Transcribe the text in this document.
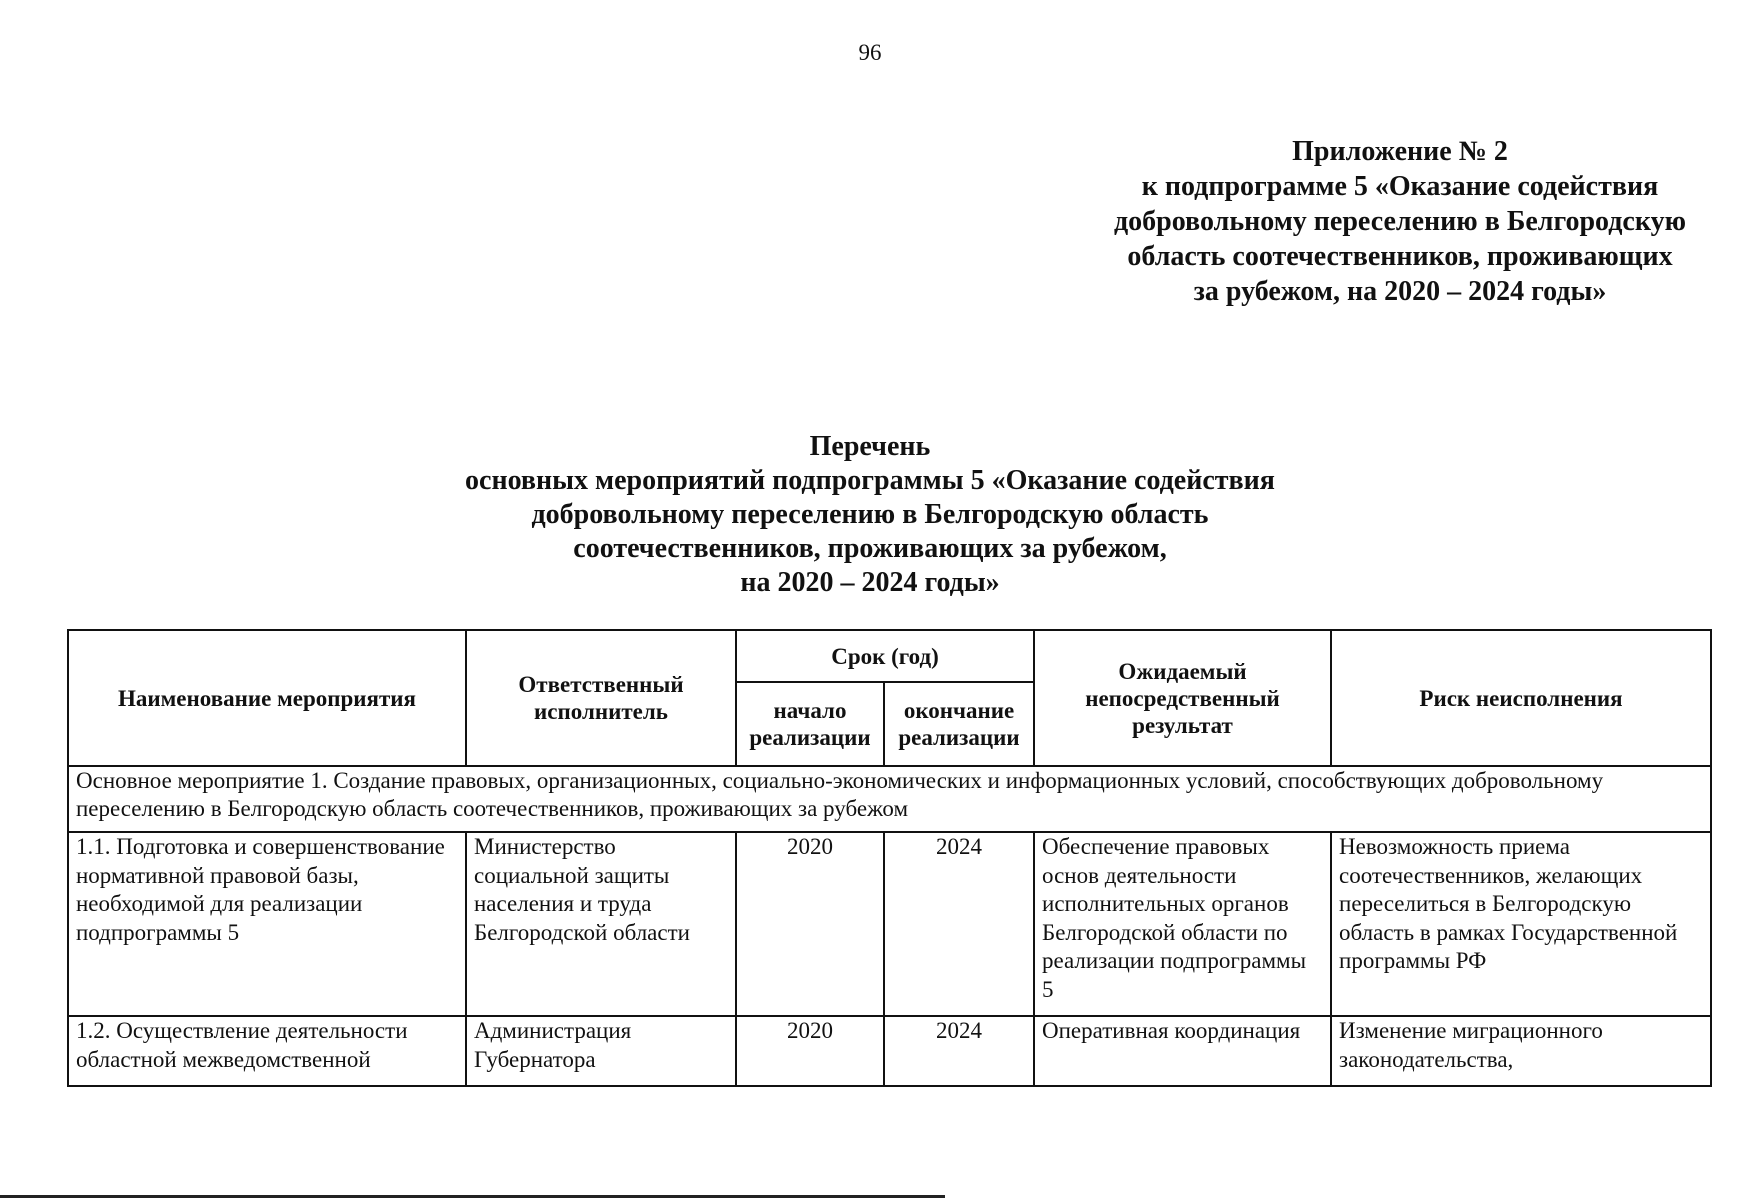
96
Приложение № 2
к подпрограмме 5 «Оказание содействия
добровольному переселению в Белгородскую
область соотечественников, проживающих
за рубежом, на 2020 – 2024 годы»
Перечень
основных мероприятий подпрограммы 5 «Оказание содействия
добровольному переселению в Белгородскую область
соотечественников, проживающих за рубежом,
на 2020 – 2024 годы»
Наименование мероприятия	Ответственный исполнитель	Срок (год)		Ожидаемый непосредственный результат	Риск неисполнения
		начало реализации	окончание реализации		
Основное мероприятие 1. Создание правовых, организационных, социально-экономических и информационных условий, способствующих добровольному переселению в Белгородскую область соотечественников, проживающих за рубежом					
1.1. Подготовка и совершенствование нормативной правовой базы, необходимой для реализации подпрограммы 5	Министерство социальной защиты населения и труда Белгородской области	2020	2024	Обеспечение правовых основ деятельности исполнительных органов Белгородской области по реализации подпрограммы 5	Невозможность приема соотечественников, желающих переселиться в Белгородскую область в рамках Государственной программы РФ
1.2. Осуществление деятельности областной межведомственной	Администрация Губернатора	2020	2024	Оперативная координация	Изменение миграционного законодательства,
